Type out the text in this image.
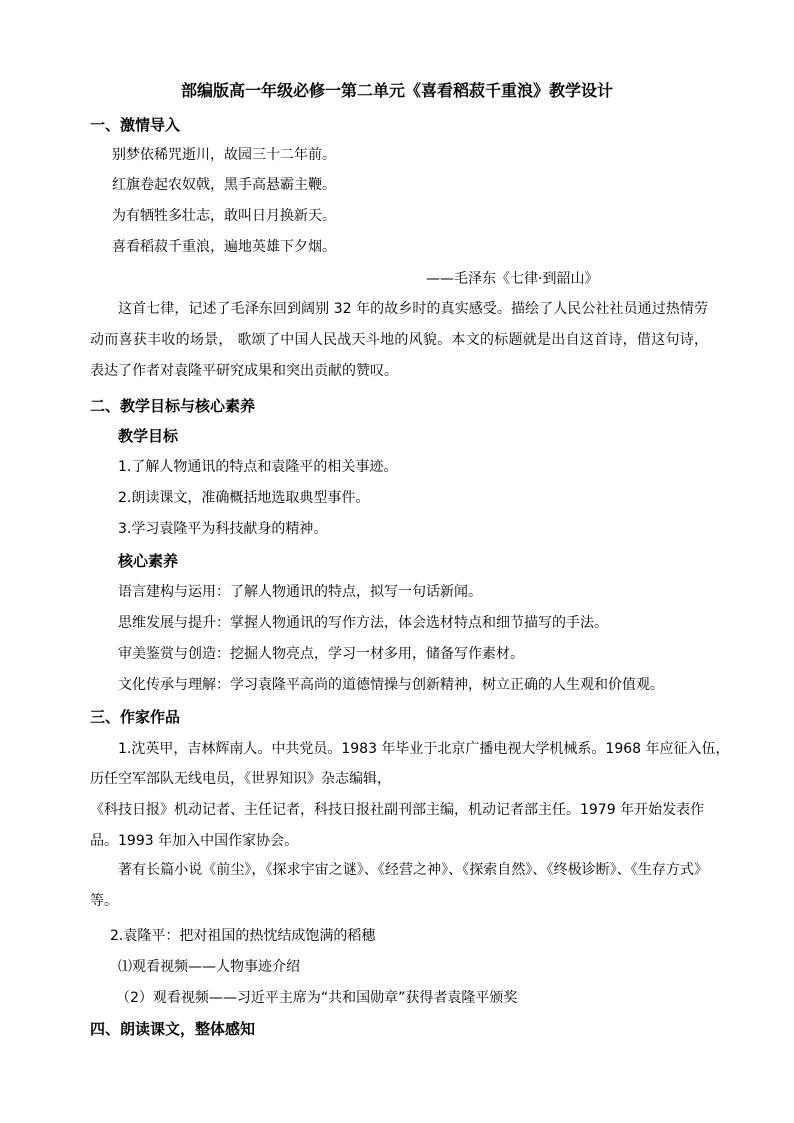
部编版高一年级必修一第二单元《喜看稻菽千重浪》教学设计
一、激情导入
别梦依稀咒逝川，故园三十二年前。
红旗卷起农奴戟，黑手高悬霸主鞭。
为有牺牲多壮志，敢叫日月换新天。
喜看稻菽千重浪，遍地英雄下夕烟。
——毛泽东《七律·到韶山》
这首七律，记述了毛泽东回到阔别 32 年的故乡时的真实感受。描绘了人民公社社员通过热情劳动而喜获丰收的场景， 歌颂了中国人民战天斗地的风貌。本文的标题就是出自这首诗，借这句诗，表达了作者对袁隆平研究成果和突出贡献的赞叹。
二、教学目标与核心素养
教学目标
1.了解人物通讯的特点和袁隆平的相关事迹。
2.朗读课文，准确概括地选取典型事件。
3.学习袁隆平为科技献身的精神。
核心素养
语言建构与运用：了解人物通讯的特点，拟写一句话新闻。
思维发展与提升：掌握人物通讯的写作方法，体会选材特点和细节描写的手法。
审美鉴赏与创造：挖掘人物亮点，学习一材多用，储备写作素材。
文化传承与理解：学习袁隆平高尚的道德情操与创新精神，树立正确的人生观和价值观。
三、作家作品
1.沈英甲，吉林辉南人。中共党员。1983 年毕业于北京广播电视大学机械系。1968 年应征入伍，
历任空军部队无线电员，《世界知识》杂志编辑，
《科技日报》机动记者、主任记者，科技日报社副刊部主编，机动记者部主任。1979 年开始发表作
品。1993 年加入中国作家协会。
著有长篇小说《前尘》，《探求宇宙之谜》、《经营之神》、《探索自然》、《终极诊断》、《生存方式》等。
2.袁隆平：把对祖国的热忱结成饱满的稻穗
⑴观看视频——人物事迹介绍
（2）观看视频——习近平主席为“共和国勋章”获得者袁隆平颁奖
四、朗读课文，整体感知
